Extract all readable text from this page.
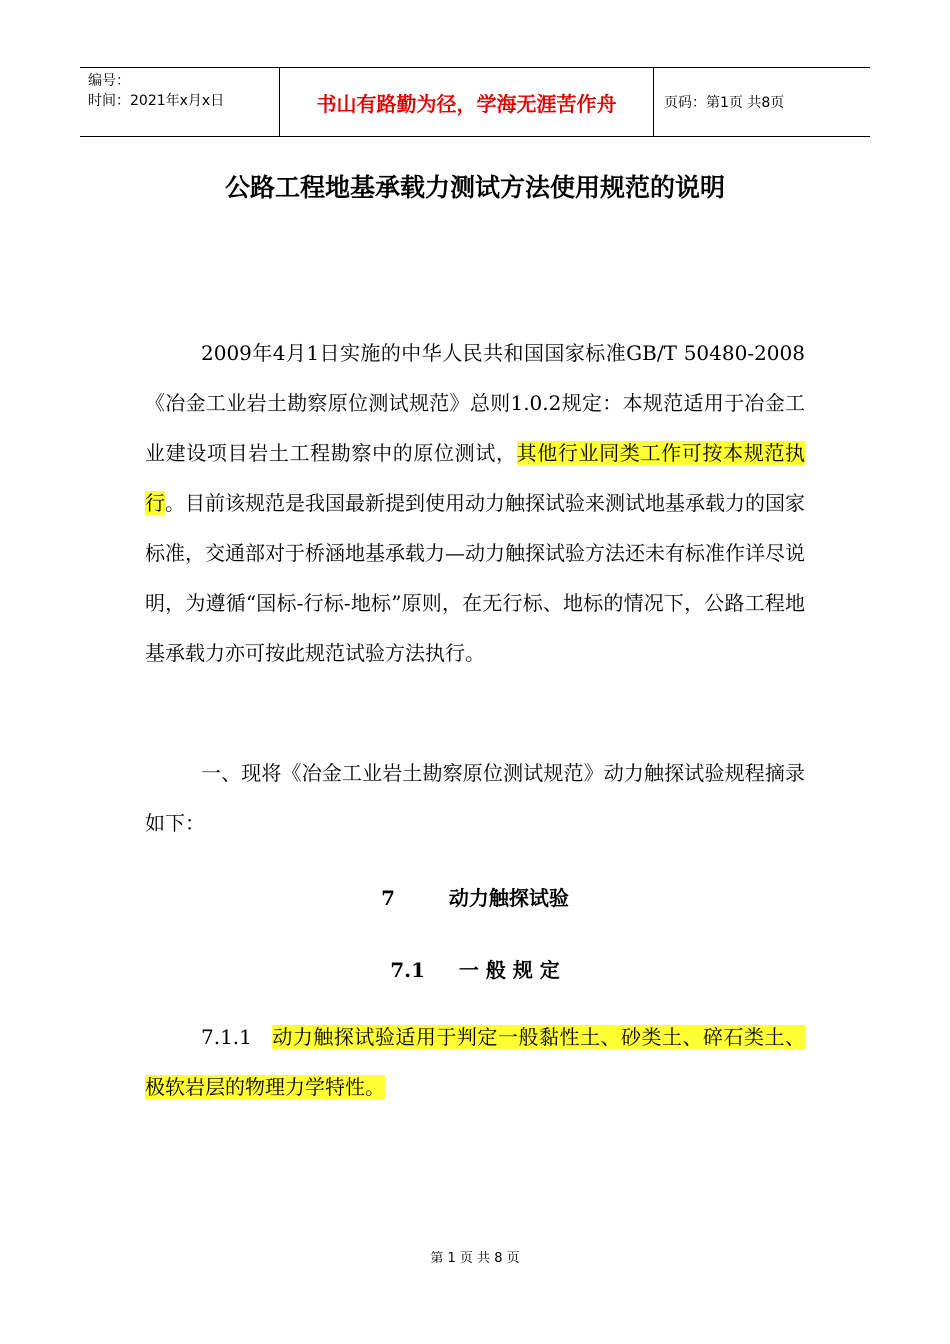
编号：
时间：2021年x月x日	书山有路勤为径，学海无涯苦作舟	页码：第1页 共8页
公路工程地基承载力测试方法使用规范的说明

2009年4月1日实施的中华人民共和国国家标准GB/T 50480-2008《冶金工业岩土勘察原位测试规范》总则1.0.2规定：本规范适用于冶金工业建设项目岩土工程勘察中的原位测试，其他行业同类工作可按本规范执行。目前该规范是我国最新提到使用动力触探试验来测试地基承载力的国家标准，交通部对于桥涵地基承载力—动力触探试验方法还未有标准作详尽说明，为遵循“国标-行标-地标”原则，在无行标、地标的情况下，公路工程地基承载力亦可按此规范试验方法执行。

一、现将《冶金工业岩土勘察原位测试规范》动力触探试验规程摘录如下：

7	动力触探试验
7.1 一 般 规 定

7.1.1 动力触探试验适用于判定一般黏性土、砂类土、碎石类土、极软岩层的物理力学特性。

第 1 页 共 8 页
